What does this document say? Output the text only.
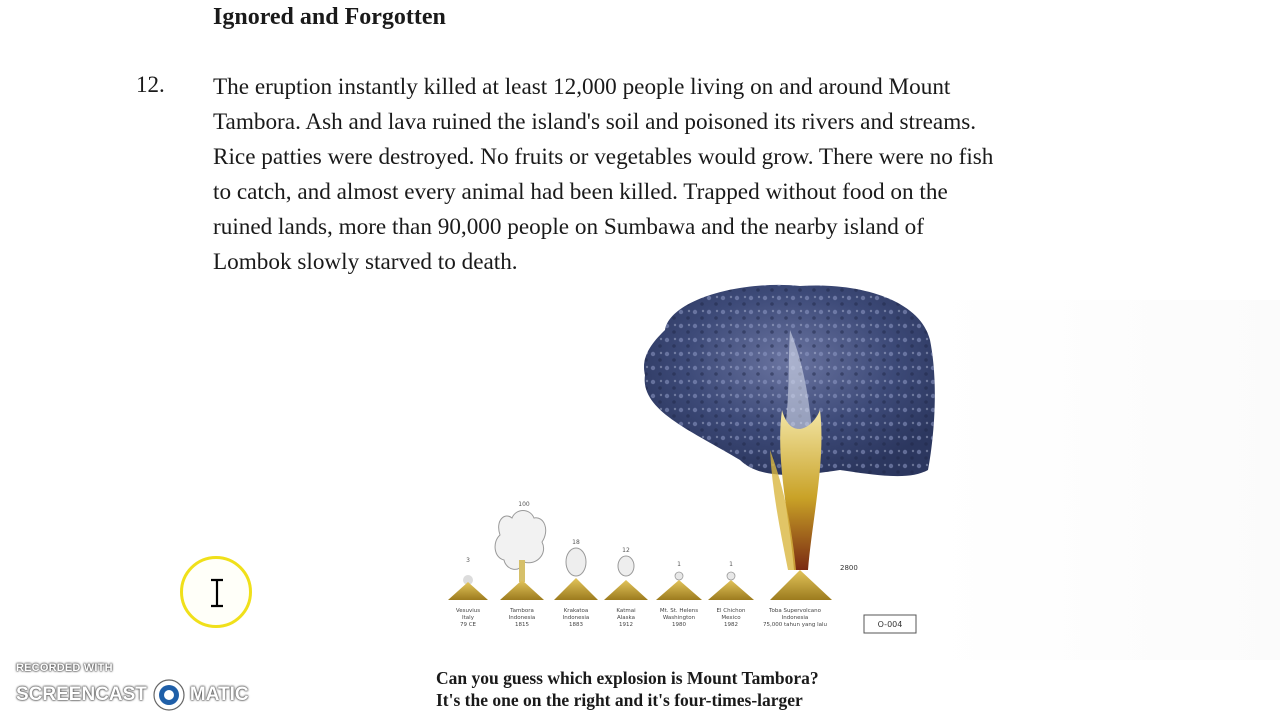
Ignored and Forgotten
12. The eruption instantly killed at least 12,000 people living on and around Mount
Tambora. Ash and lava ruined the island's soil and poisoned its rivers and streams.
Rice patties were destroyed. No fruits or vegetables would grow. There were no fish
to catch, and almost every animal had been killed. Trapped without food on the
ruined lands, more than 90,000 people on Sumbawa and the nearby island of
Lombok slowly starved to death.
2800
3
100
18
12
1	1
Vesuvius
Italy
79 CE
Tambora
Indonesia
1815
Krakatoa
Indonesia
1883
Katmai
Alaska
1912
Mt. St. Helens
Washington
1980
El Chichon
Mexico
1982
Toba Supervolcano
Indonesia
75,000 tahun yang lalu	O-004
Can you guess which explosion is Mount Tambora?
It's the one on the right and it's four-times-larger
RECORDED WITH
SCREENCAST MATIC
